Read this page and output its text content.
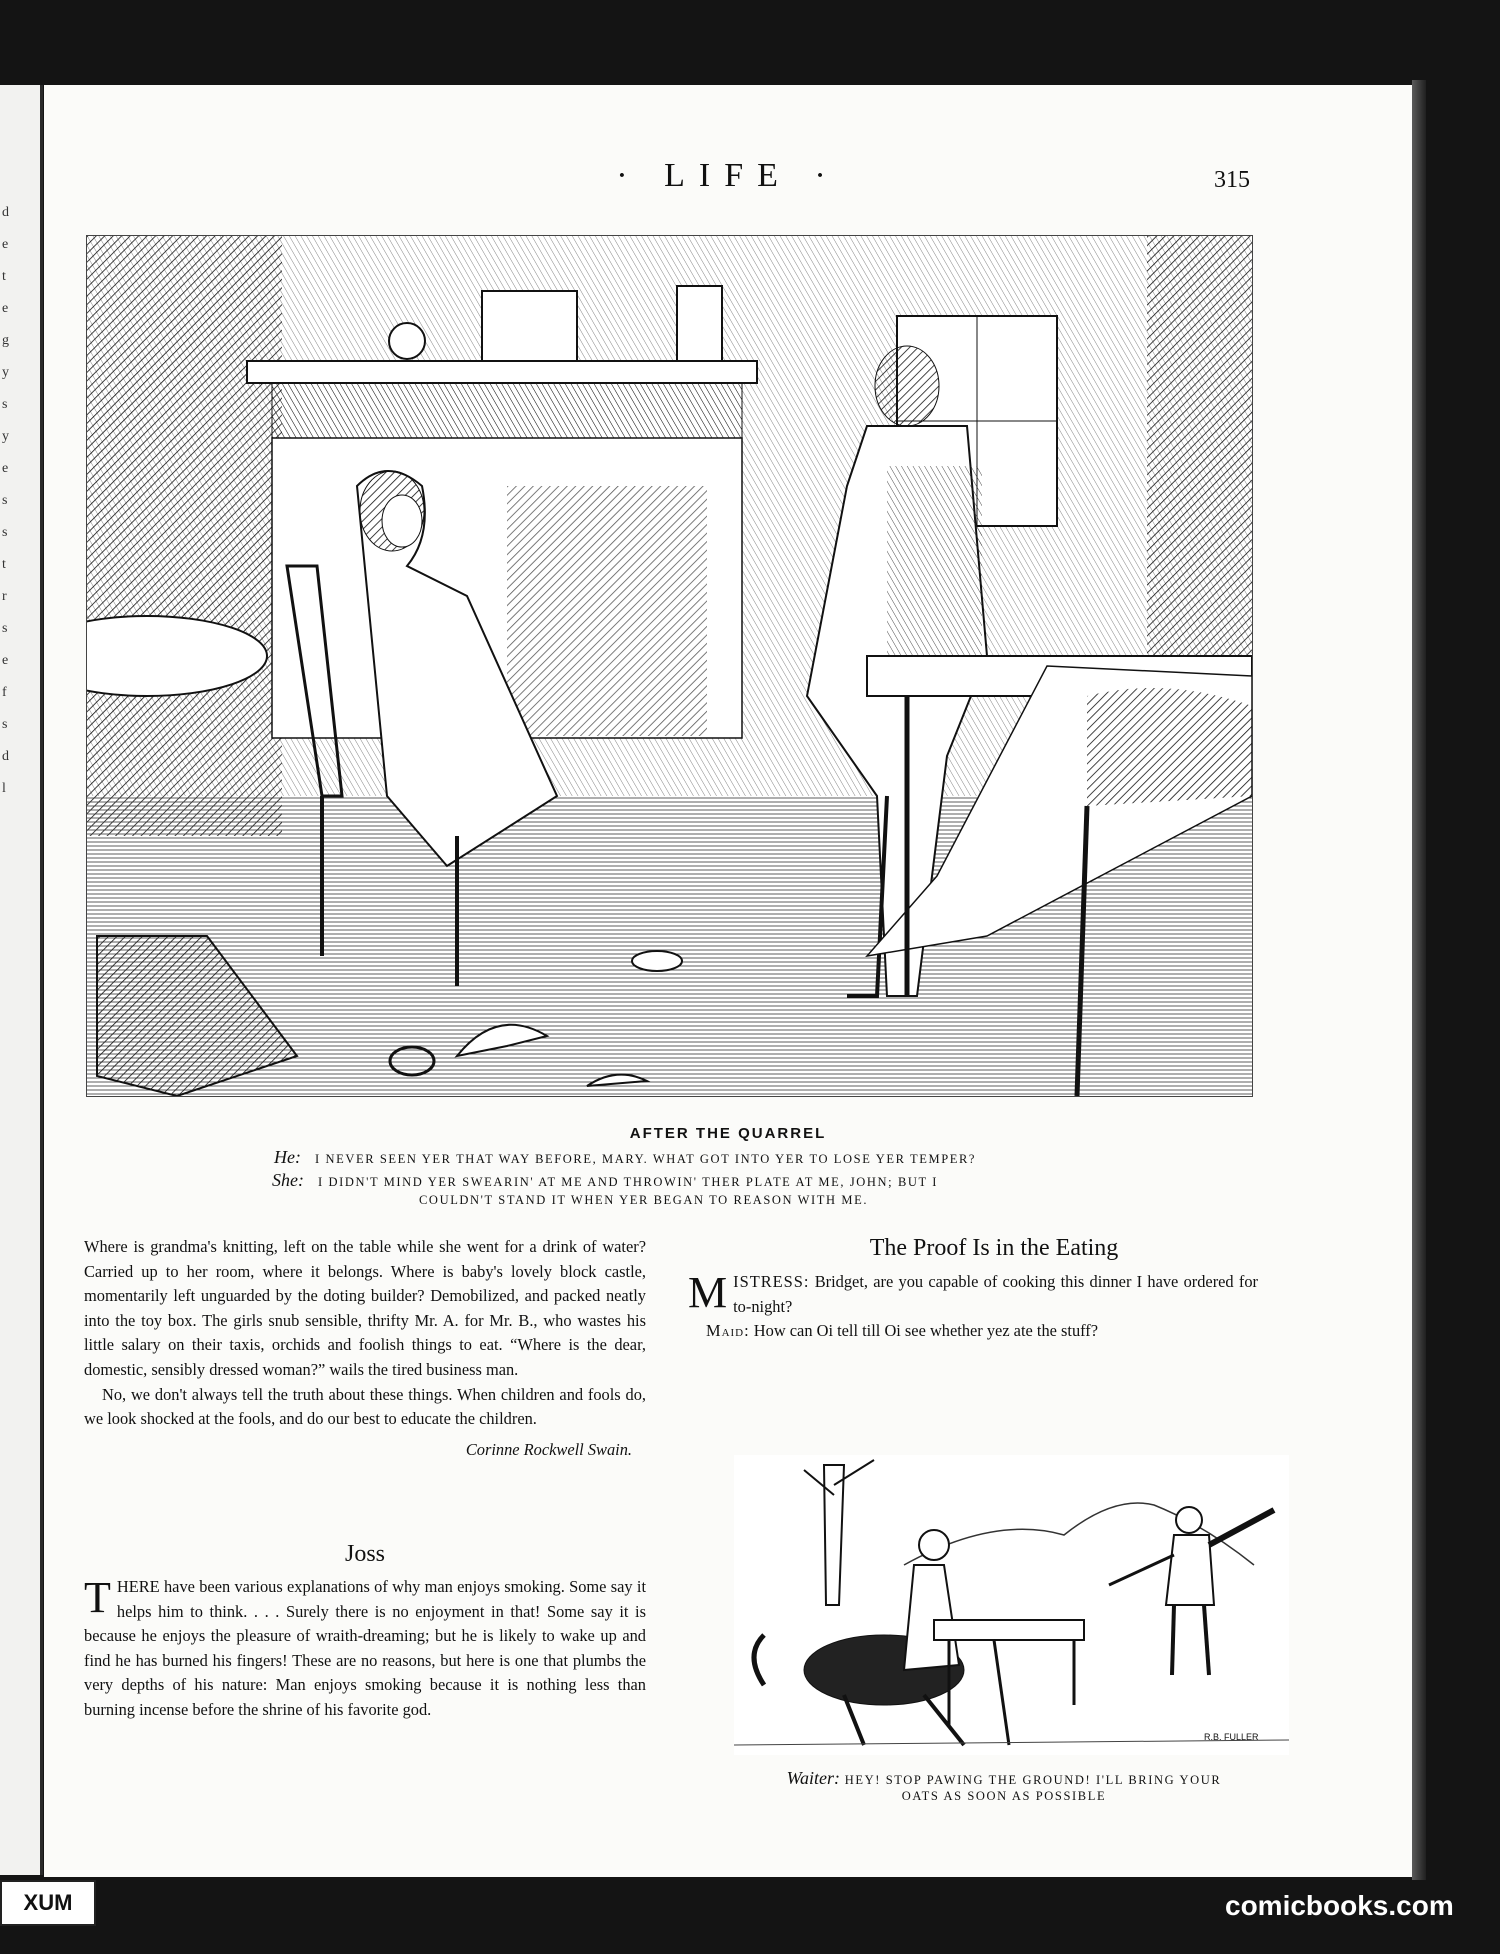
d
e
t
e
g
y
s
y
e
s
s
t
r
s
e
f
s
d
l
· LIFE ·	315
AFTER THE QUARREL
He: I NEVER SEEN YER THAT WAY BEFORE, MARY. WHAT GOT INTO YER TO LOSE YER TEMPER?
She: I DIDN'T MIND YER SWEARIN' AT ME AND THROWIN' THER PLATE AT ME, JOHN; BUT I
COULDN'T STAND IT WHEN YER BEGAN TO REASON WITH ME.

Where is grandma's knitting, left on the table while she went for a drink of water? Carried up to her room, where it belongs. Where is baby's lovely block castle, momentarily left unguarded by the doting builder? Demobilized, and packed neatly into the toy box. The girls snub sensible, thrifty Mr. A. for Mr. B., who wastes his little salary on their taxis, orchids and foolish things to eat. “Where is the dear, domestic, sensibly dressed woman?” wails the tired business man.

No, we don't always tell the truth about these things. When children and fools do, we look shocked at the fools, and do our best to educate the children.

Corinne Rockwell Swain.
Joss
THERE have been various explanations of why man enjoys smoking. Some say it helps him to think. . . . Surely there is no enjoyment in that! Some say it is because he enjoys the pleasure of wraith-dreaming; but he is likely to wake up and find he has burned his fingers! These are no reasons, but here is one that plumbs the very depths of his nature: Man enjoys smoking because it is nothing less than burning incense before the shrine of his favorite god.
The Proof Is in the Eating

MISTRESS: Bridget, are you capable of cooking this dinner I have ordered for to-night?

Maid: How can Oi tell till Oi see whether yez ate the stuff?

R.B. FULLER
Waiter: HEY! STOP PAWING THE GROUND! I'LL BRING YOUR
OATS AS SOON AS POSSIBLE
XUM	comicbooks.com
